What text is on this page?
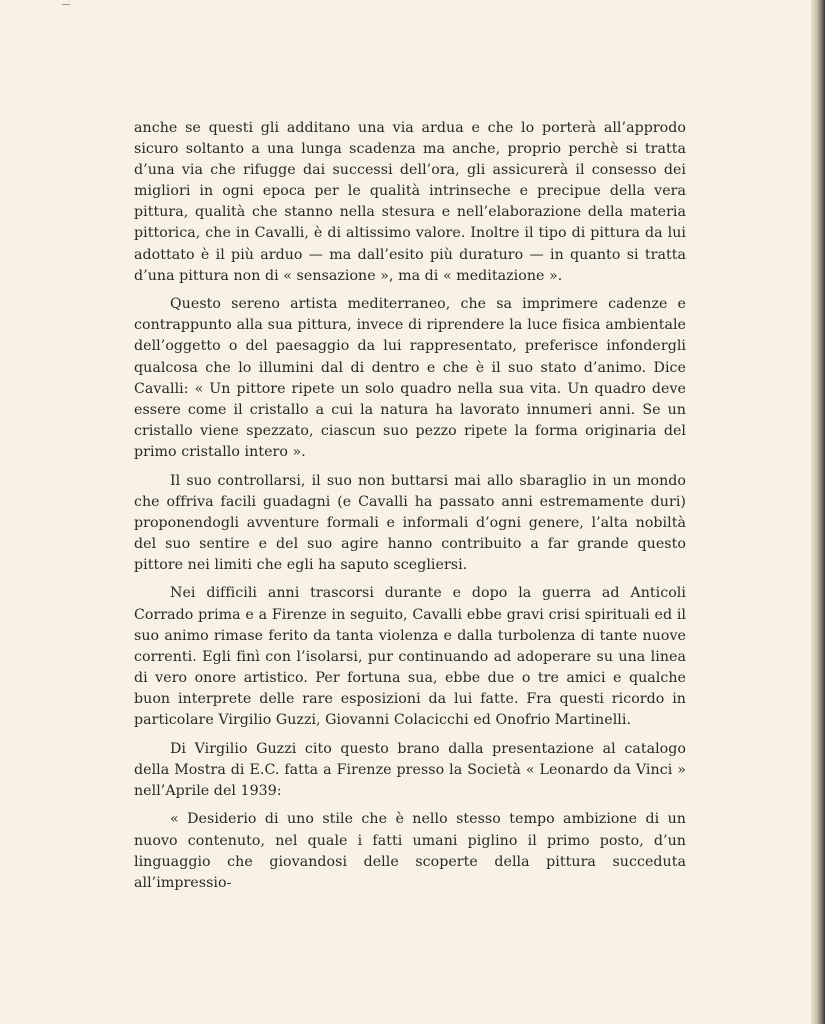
anche se questi gli additano una via ardua e che lo porterà all’approdo sicuro soltanto a una lunga scadenza ma anche, proprio perchè si tratta d’una via che rifugge dai successi dell’ora, gli assicurerà il consesso dei migliori in ogni epoca per le qualità intrinseche e precipue della vera pittura, qualità che stanno nella stesura e nell’elaborazione della materia pittorica, che in Cavalli, è di altissimo valore. Inoltre il tipo di pittura da lui adottato è il più arduo — ma dall’esito più duraturo — in quanto si tratta d’una pittura non di « sensazione », ma di « meditazione ».

Questo sereno artista mediterraneo, che sa imprimere cadenze e contrappunto alla sua pittura, invece di riprendere la luce fisica ambientale dell’oggetto o del paesaggio da lui rappresentato, preferisce infondergli qualcosa che lo illumini dal di dentro e che è il suo stato d’animo. Dice Cavalli: « Un pittore ripete un solo quadro nella sua vita. Un quadro deve essere come il cristallo a cui la natura ha lavorato innumeri anni. Se un cristallo viene spezzato, ciascun suo pezzo ripete la forma originaria del primo cristallo intero ».

Il suo controllarsi, il suo non buttarsi mai allo sbaraglio in un mondo che offriva facili guadagni (e Cavalli ha passato anni estremamente duri) proponendogli avventure formali e informali d’ogni genere, l’alta nobiltà del suo sentire e del suo agire hanno contribuito a far grande questo pittore nei limiti che egli ha saputo scegliersi.

Nei difficili anni trascorsi durante e dopo la guerra ad Anticoli Corrado prima e a Firenze in seguito, Cavalli ebbe gravi crisi spirituali ed il suo animo rimase ferito da tanta violenza e dalla turbolenza di tante nuove correnti. Egli finì con l’isolarsi, pur continuando ad adoperare su una linea di vero onore artistico. Per fortuna sua, ebbe due o tre amici e qualche buon interprete delle rare esposizioni da lui fatte. Fra questi ricordo in particolare Virgilio Guzzi, Giovanni Colacicchi ed Onofrio Martinelli.

Di Virgilio Guzzi cito questo brano dalla presentazione al catalogo della Mostra di E.C. fatta a Firenze presso la Società « Leonardo da Vinci » nell’Aprile del 1939:

« Desiderio di uno stile che è nello stesso tempo ambizione di un nuovo contenuto, nel quale i fatti umani piglino il primo posto, d’un linguaggio che giovandosi delle scoperte della pittura succeduta all’impressio-
